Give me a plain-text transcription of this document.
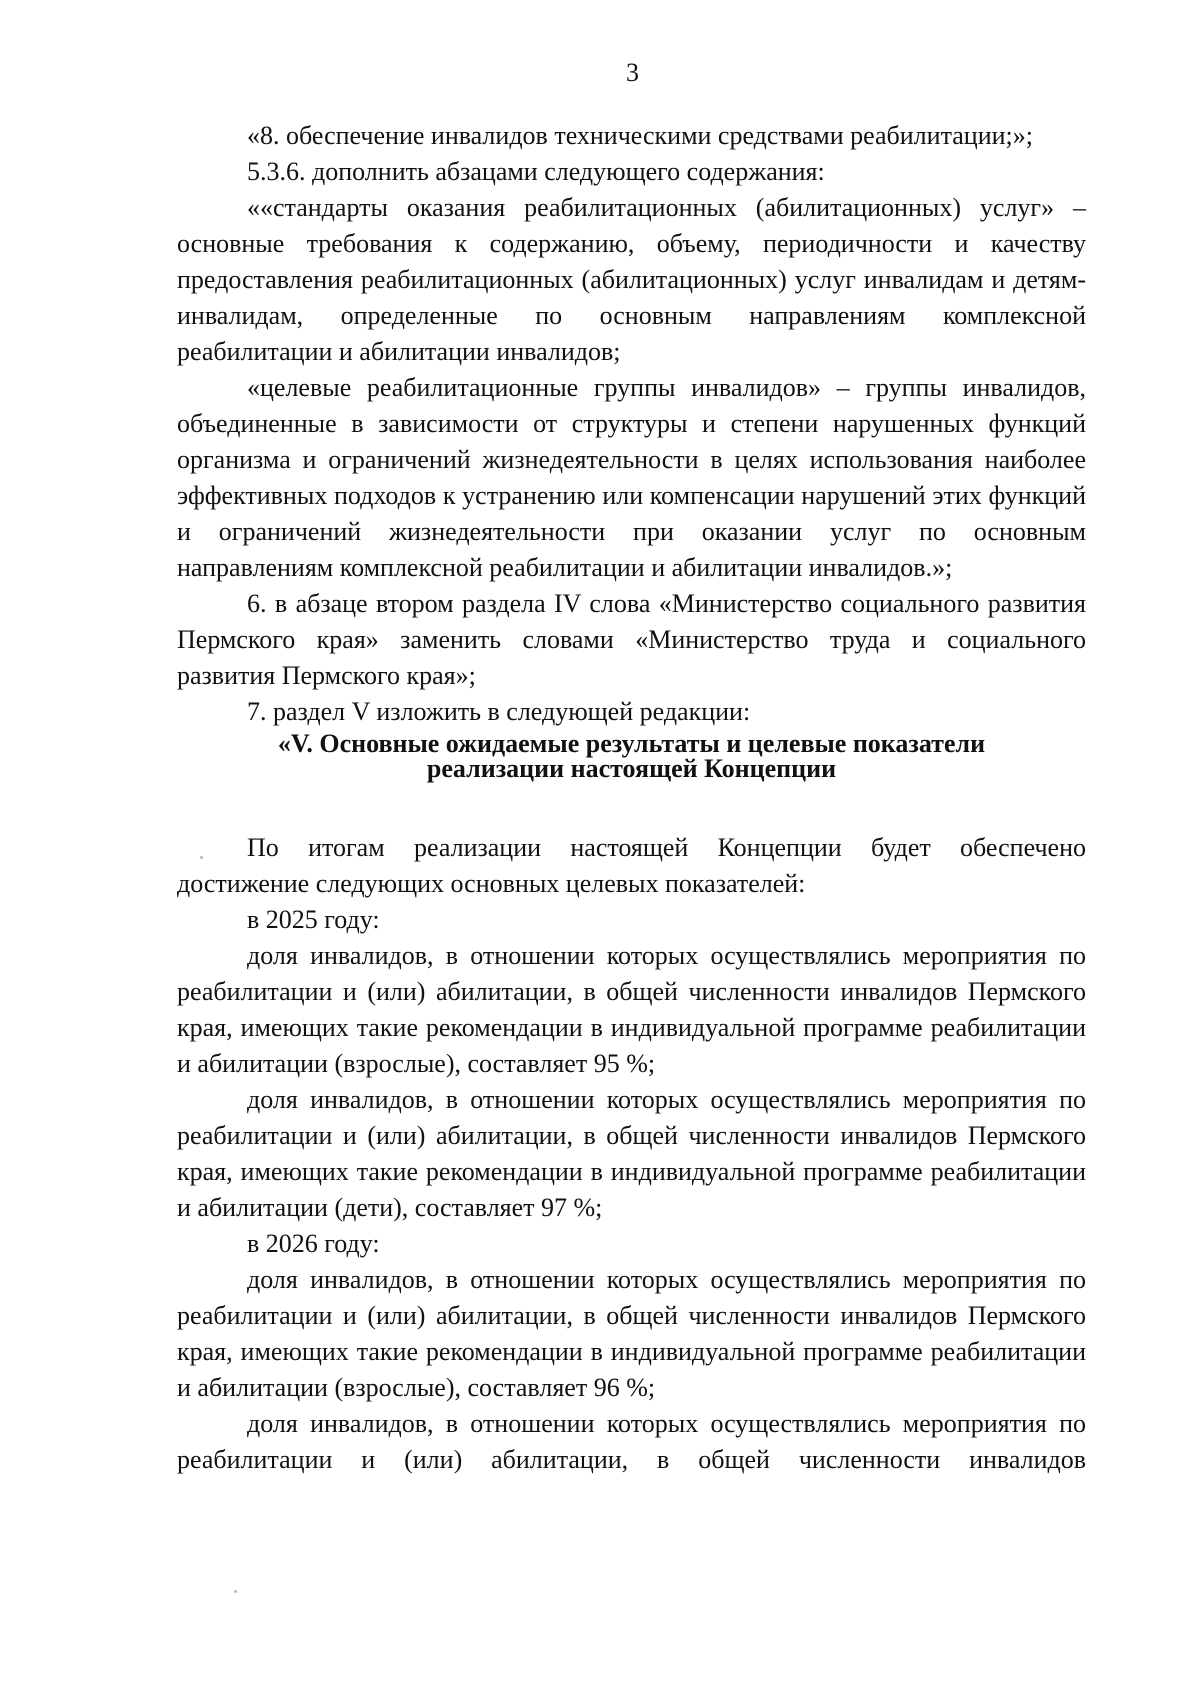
3

«8. обеспечение инвалидов техническими средствами реабилитации;»;

5.3.6. дополнить абзацами следующего содержания:

««стандарты оказания реабилитационных (абилитационных) услуг» – основные требования к содержанию, объему, периодичности и качеству предоставления реабилитационных (абилитационных) услуг инвалидам и детям-инвалидам, определенные по основным направлениям комплексной реабилитации и абилитации инвалидов;

«целевые реабилитационные группы инвалидов» – группы инвалидов, объединенные в зависимости от структуры и степени нарушенных функций организма и ограничений жизнедеятельности в целях использования наиболее эффективных подходов к устранению или компенсации нарушений этих функций и ограничений жизнедеятельности при оказании услуг по основным направлениям комплексной реабилитации и абилитации инвалидов.»;

6. в абзаце втором раздела IV слова «Министерство социального развития Пермского края» заменить словами «Министерство труда и социального развития Пермского края»;

7. раздел V изложить в следующей редакции:

«V. Основные ожидаемые результаты и целевые показатели
реализации настоящей Концепции

По итогам реализации настоящей Концепции будет обеспечено достижение следующих основных целевых показателей:

в 2025 году:

доля инвалидов, в отношении которых осуществлялись мероприятия по реабилитации и (или) абилитации, в общей численности инвалидов Пермского края, имеющих такие рекомендации в индивидуальной программе реабилитации и абилитации (взрослые), составляет 95 %;

доля инвалидов, в отношении которых осуществлялись мероприятия по реабилитации и (или) абилитации, в общей численности инвалидов Пермского края, имеющих такие рекомендации в индивидуальной программе реабилитации и абилитации (дети), составляет 97 %;

в 2026 году:

доля инвалидов, в отношении которых осуществлялись мероприятия по реабилитации и (или) абилитации, в общей численности инвалидов Пермского края, имеющих такие рекомендации в индивидуальной программе реабилитации и абилитации (взрослые), составляет 96 %;

доля инвалидов, в отношении которых осуществлялись мероприятия по реабилитации и (или) абилитации, в общей численности инвалидов
